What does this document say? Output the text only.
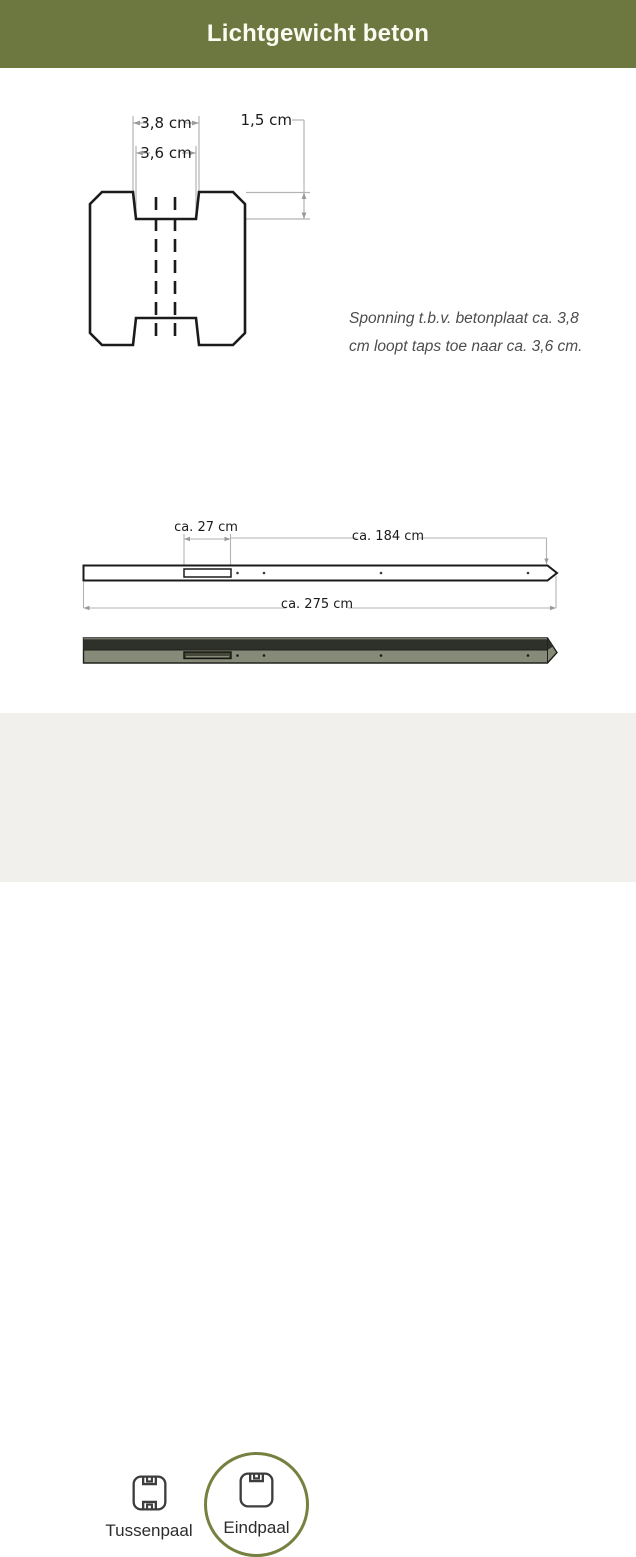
Lichtgewicht beton
3,8 cm
3,6 cm
1,5 cm
Sponning t.b.v. betonplaat ca. 3,8
cm loopt taps toe naar ca. 3,6 cm.
ca. 27 cm
ca. 184 cm
ca. 275 cm
Tussenpaal Eindpaal
